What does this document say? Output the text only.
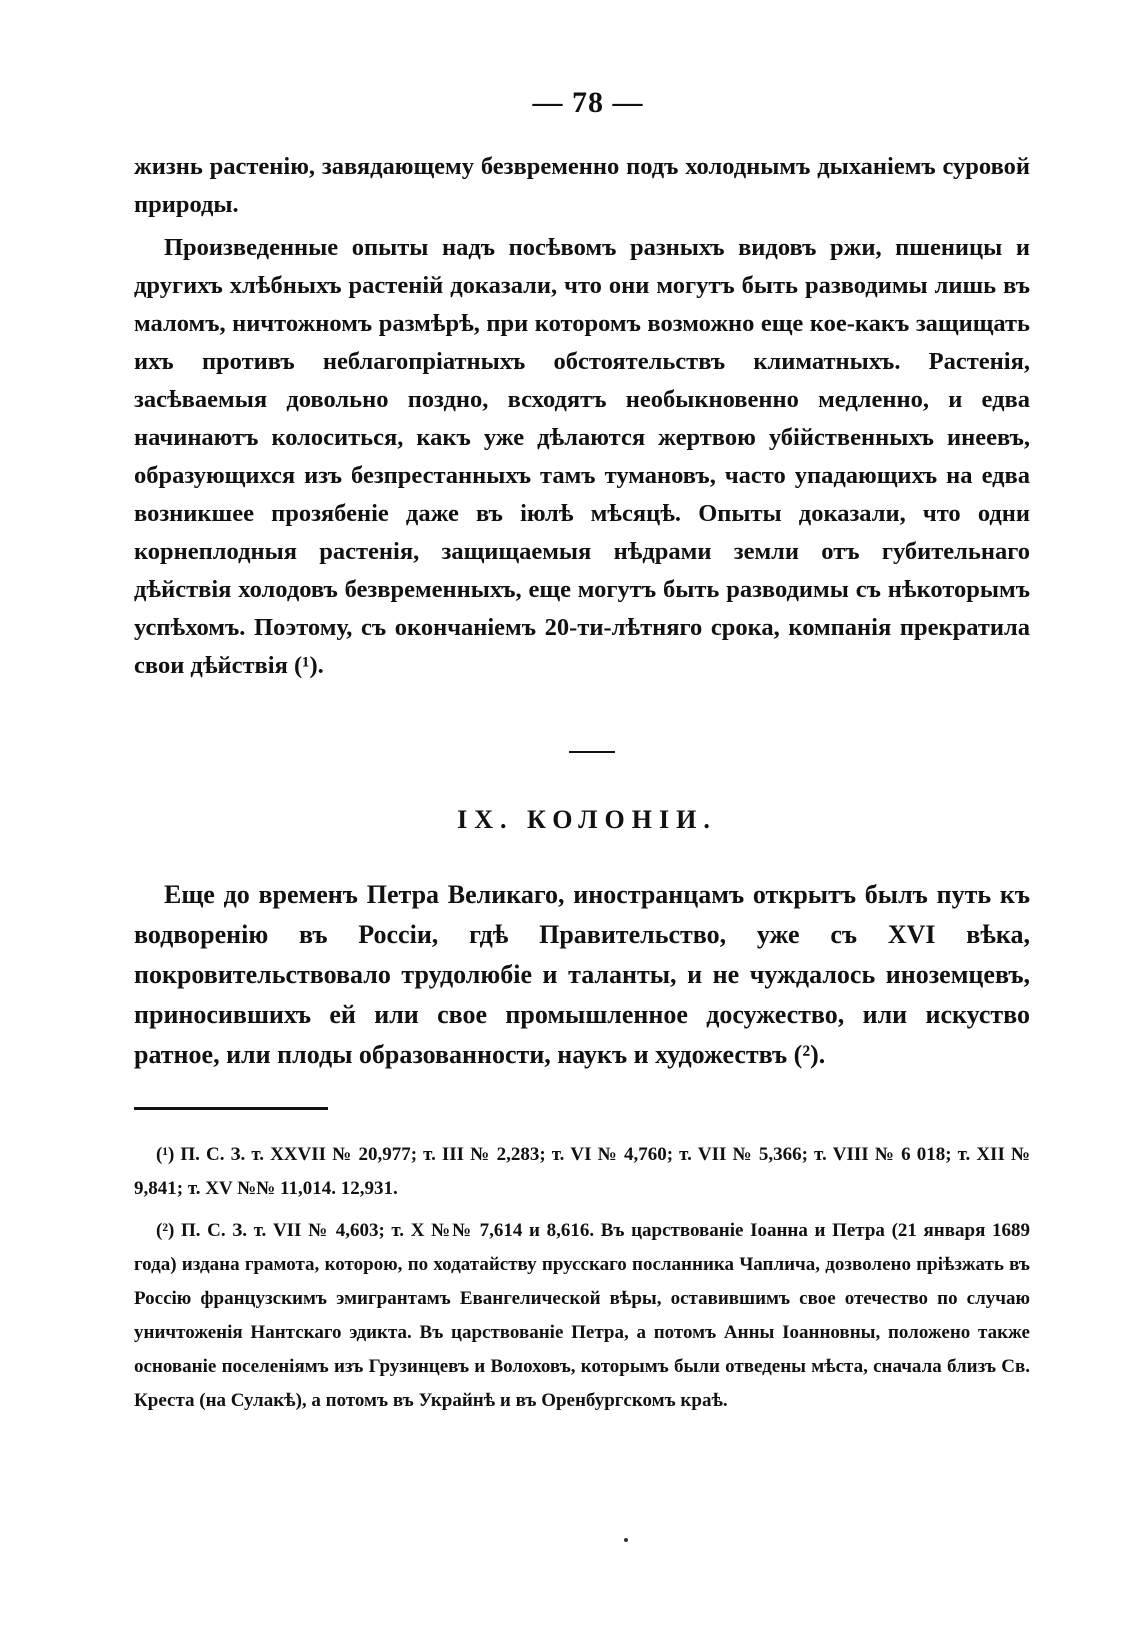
— 78 —

жизнь растенію, завядающему безвременно подъ холоднымъ дыханіемъ суровой природы.

Произведенные опыты надъ посѣвомъ разныхъ видовъ ржи, пшеницы и другихъ хлѣбныхъ растеній доказали, что они могутъ быть разводимы лишь въ маломъ, ничтожномъ размѣрѣ, при которомъ возможно еще кое-какъ защищать ихъ противъ неблагопріатныхъ обстоятельствъ климатныхъ. Растенія, засѣваемыя довольно поздно, всходятъ необыкновенно медленно, и едва начинаютъ колоситься, какъ уже дѣлаются жертвою убійственныхъ инеевъ, образующихся изъ безпрестанныхъ тамъ тумановъ, часто упадающихъ на едва возникшее прозябеніе даже въ іюлѣ мѣсяцѣ. Опыты доказали, что одни корнеплодныя растенія, защищаемыя нѣдрами земли отъ губительнаго дѣйствія холодовъ безвременныхъ, еще могутъ быть разводимы съ нѣкоторымъ успѣхомъ. Поэтому, съ окончаніемъ 20-ти-лѣтняго срока, компанія прекратила свои дѣйствія (¹).

IX. КОЛОНІИ.

Еще до временъ Петра Великаго, иностранцамъ открытъ былъ путь къ водворенію въ Россіи, гдѣ Правительство, уже съ XVI вѣка, покровительствовало трудолюбіе и таланты, и не чуждалось иноземцевъ, приносившихъ ей или свое промышленное досужество, или искуство ратное, или плоды образованности, наукъ и художествъ (²).

(¹) П. С. З. т. XXVII № 20,977; т. III № 2,283; т. VI № 4,760; т. VII № 5,366; т. VIII № 6 018; т. XII № 9,841; т. XV №№ 11,014. 12,931.

(²) П. С. З. т. VII № 4,603; т. X №№ 7,614 и 8,616. Въ царствованіе Іоанна и Петра (21 января 1689 года) издана грамота, которою, по ходатайству прусскаго посланника Чаплича, дозволено пріѣзжать въ Россію французскимъ эмигрантамъ Евангелической вѣры, оставившимъ свое отечество по случаю уничтоженія Нантскаго эдикта. Въ царствованіе Петра, а потомъ Анны Іоанновны, положено также основаніе поселеніямъ изъ Грузинцевъ и Волоховъ, которымъ были отведены мѣста, сначала близъ Св. Креста (на Сулакѣ), а потомъ въ Украйнѣ и въ Оренбургскомъ краѣ.
